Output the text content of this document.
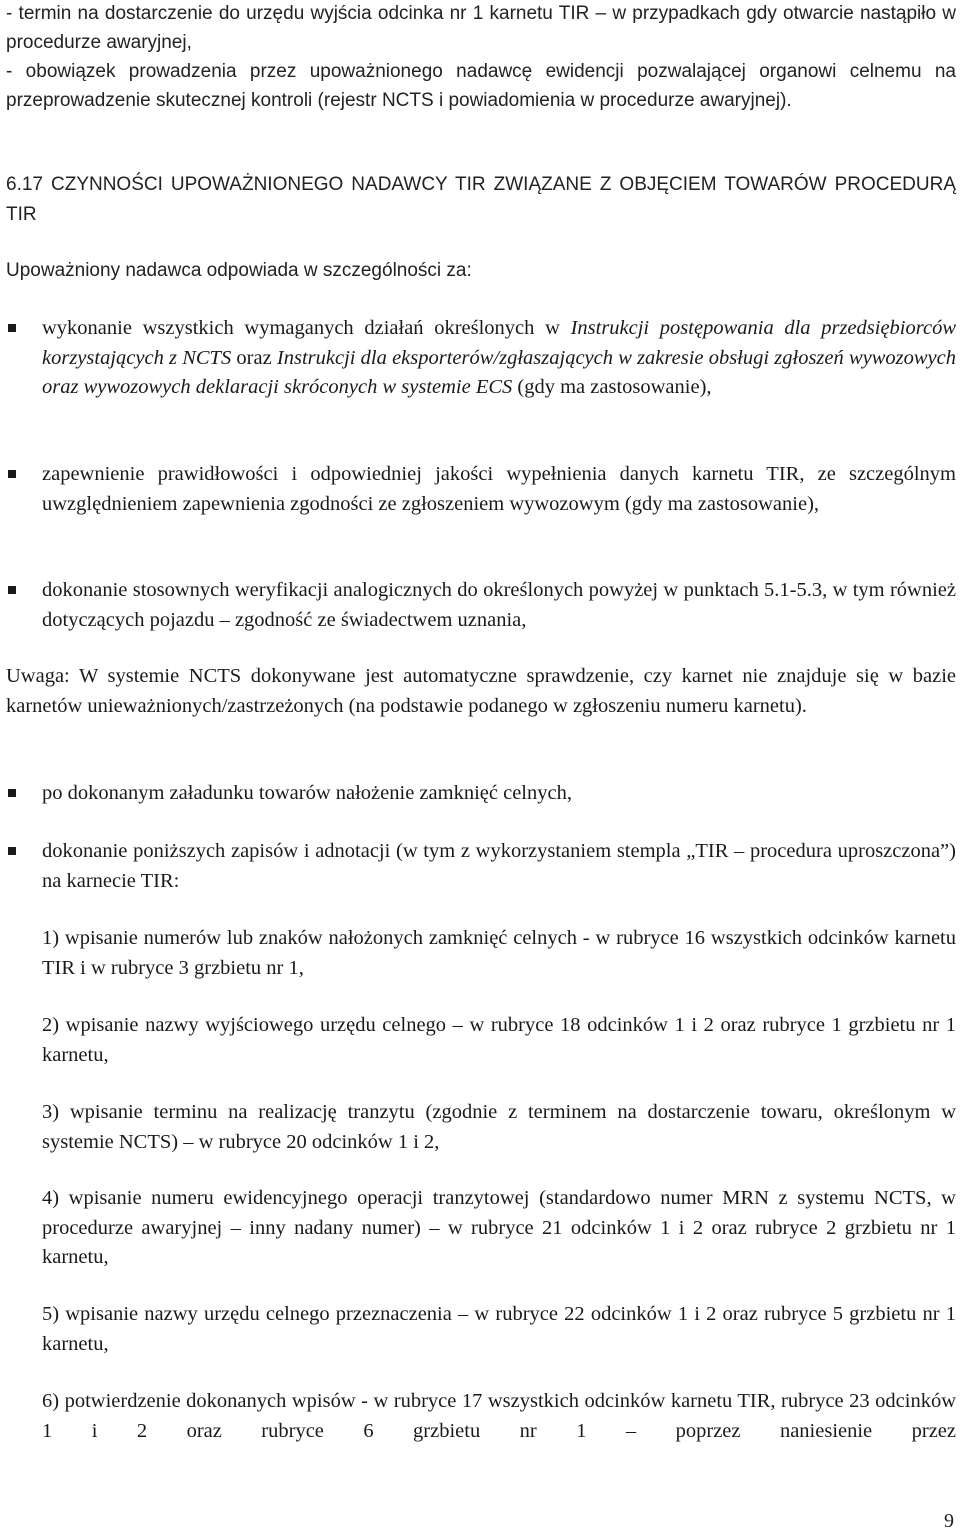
- termin na dostarczenie do urzędu wyjścia odcinka nr 1 karnetu TIR – w przypadkach gdy otwarcie nastąpiło w procedurze awaryjnej,

- obowiązek prowadzenia przez upoważnionego nadawcę ewidencji pozwalającej organowi celnemu na przeprowadzenie skutecznej kontroli (rejestr NCTS i powiadomienia w procedurze awaryjnej).

6.17 CZYNNOŚCI UPOWAŻNIONEGO NADAWCY TIR ZWIĄZANE Z OBJĘCIEM TOWARÓW PROCEDURĄ TIR

Upoważniony nadawca odpowiada w szczególności za:

wykonanie wszystkich wymaganych działań określonych w Instrukcji postępowania dla przedsiębiorców korzystających z NCTS oraz Instrukcji dla eksporterów/zgłaszających w zakresie obsługi zgłoszeń wywozowych oraz wywozowych deklaracji skróconych w systemie ECS (gdy ma zastosowanie),

zapewnienie prawidłowości i odpowiedniej jakości wypełnienia danych karnetu TIR, ze szczególnym uwzględnieniem zapewnienia zgodności ze zgłoszeniem wywozowym (gdy ma zastosowanie),

dokonanie stosownych weryfikacji analogicznych do określonych powyżej w punktach 5.1-5.3, w tym również dotyczących pojazdu – zgodność ze świadectwem uznania,

Uwaga: W systemie NCTS dokonywane jest automatyczne sprawdzenie, czy karnet nie znajduje się w bazie karnetów unieważnionych/zastrzeżonych (na podstawie podanego w zgłoszeniu numeru karnetu).

po dokonanym załadunku towarów nałożenie zamknięć celnych,

dokonanie poniższych zapisów i adnotacji (w tym z wykorzystaniem stempla „TIR – procedura uproszczona”) na karnecie TIR:

1) wpisanie numerów lub znaków nałożonych zamknięć celnych - w rubryce 16 wszystkich odcinków karnetu TIR i w rubryce 3 grzbietu nr 1,

2) wpisanie nazwy wyjściowego urzędu celnego – w rubryce 18 odcinków 1 i 2 oraz rubryce 1 grzbietu nr 1 karnetu,

3) wpisanie terminu na realizację tranzytu (zgodnie z terminem na dostarczenie towaru, określonym w systemie NCTS) – w rubryce 20 odcinków 1 i 2,

4) wpisanie numeru ewidencyjnego operacji tranzytowej (standardowo numer MRN z systemu NCTS, w procedurze awaryjnej – inny nadany numer) – w rubryce 21 odcinków 1 i 2 oraz rubryce 2 grzbietu nr 1 karnetu,

5) wpisanie nazwy urzędu celnego przeznaczenia – w rubryce 22 odcinków 1 i 2 oraz rubryce 5 grzbietu nr 1 karnetu,

6) potwierdzenie dokonanych wpisów - w rubryce 17 wszystkich odcinków karnetu TIR, rubryce 23 odcinków 1 i 2 oraz rubryce 6 grzbietu nr 1 – poprzez naniesienie przez

9
